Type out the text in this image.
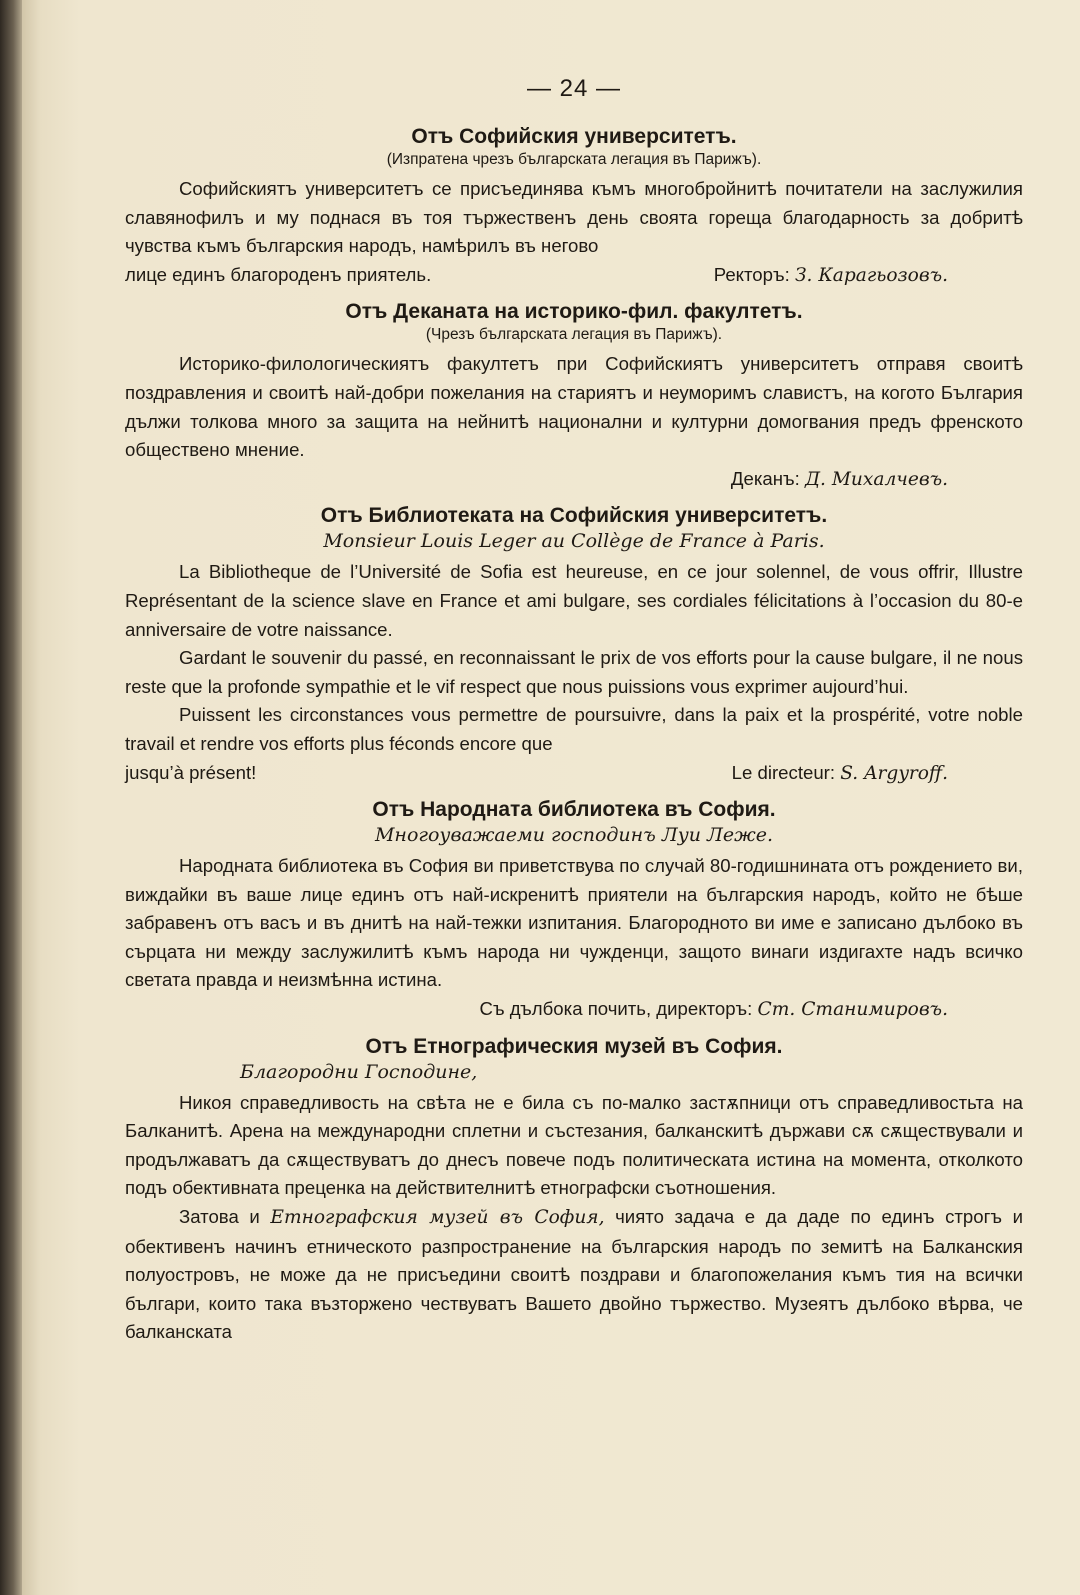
— 24 —
Отъ Софийския университетъ.
(Изпратена чрезъ българската легация въ Парижъ).

Софийскиятъ университетъ се присъединява къмъ многобройнитѣ почитатели на заслужилия славянофилъ и му поднася въ тоя тържественъ день своята гореща благодарность за добритѣ чувства къмъ българския народъ, намѣрилъ въ негово

лице единъ благороденъ приятель.	Ректоръ: З. Карагьозовъ.
Отъ Деканата на историко-фил. факултетъ.
(Чрезъ българската легация въ Парижъ).

Историко-филологическиятъ факултетъ при Софийскиятъ университетъ отправя своитѣ поздравления и своитѣ най-добри пожелания на стариятъ и неуморимъ славистъ, на когото България дължи толкова много за защита на нейнитѣ национални и културни домогвания предъ френското обществено мнение.

Деканъ: Д. Михалчевъ.
Отъ Библиотеката на Софийския университетъ.
Monsieur Louis Leger au Collège de France à Paris.

La Bibliotheque de l’Université de Sofia est heureuse, en ce jour solennel, de vous offrir, Illustre Représentant de la science slave en France et ami bulgare, ses cordiales félicitations à l’occasion du 80-e anniversaire de votre naissance.

Gardant le souvenir du passé, en reconnaissant le prix de vos efforts pour la cause bulgare, il ne nous reste que la profonde sympathie et le vif respect que nous puissions vous exprimer aujourd’hui.

Puissent les circonstances vous permettre de poursuivre, dans la paix et la prospérité, votre noble travail et rendre vos efforts plus féconds encore que

jusqu’à présent!	Le directeur: S. Argyroff.
Отъ Народната библиотека въ София.
Многоуважаеми господинъ Луи Леже.

Народната библиотека въ София ви приветствува по случай 80-годишнината отъ рождението ви, виждайки въ ваше лице единъ отъ най-искренитѣ приятели на българския народъ, който не бѣше забравенъ отъ васъ и въ днитѣ на най-тежки изпитания. Благородното ви име е записано дълбоко въ сърцата ни между заслужилитѣ къмъ народа ни чужденци, защото винаги издигахте надъ всичко светата правда и неизмѣнна истина.

Съ дълбока почить, директоръ: Ст. Станимировъ.
Отъ Етнографическия музей въ София.
Благородни Господине,

Никоя справедливость на свѣта не е била съ по-малко застѫпници отъ справедливостьта на Балканитѣ. Арена на международни сплетни и състезания, балканскитѣ държави сѫ сѫществували и продължаватъ да сѫществуватъ до днесъ повече подъ политическата истина на момента, отколкото подъ обективната преценка на действителнитѣ етнографски съотношения.

Затова и Етнографския музей въ София, чиято задача е да даде по единъ строгъ и обективенъ начинъ етническото разпространение на българския народъ по земитѣ на Балканския полуостровъ, не може да не присъедини своитѣ поздрави и благопожелания къмъ тия на всички българи, които така възторжено чествуватъ Вашето двойно тържество. Музеятъ дълбоко вѣрва, че балканската
